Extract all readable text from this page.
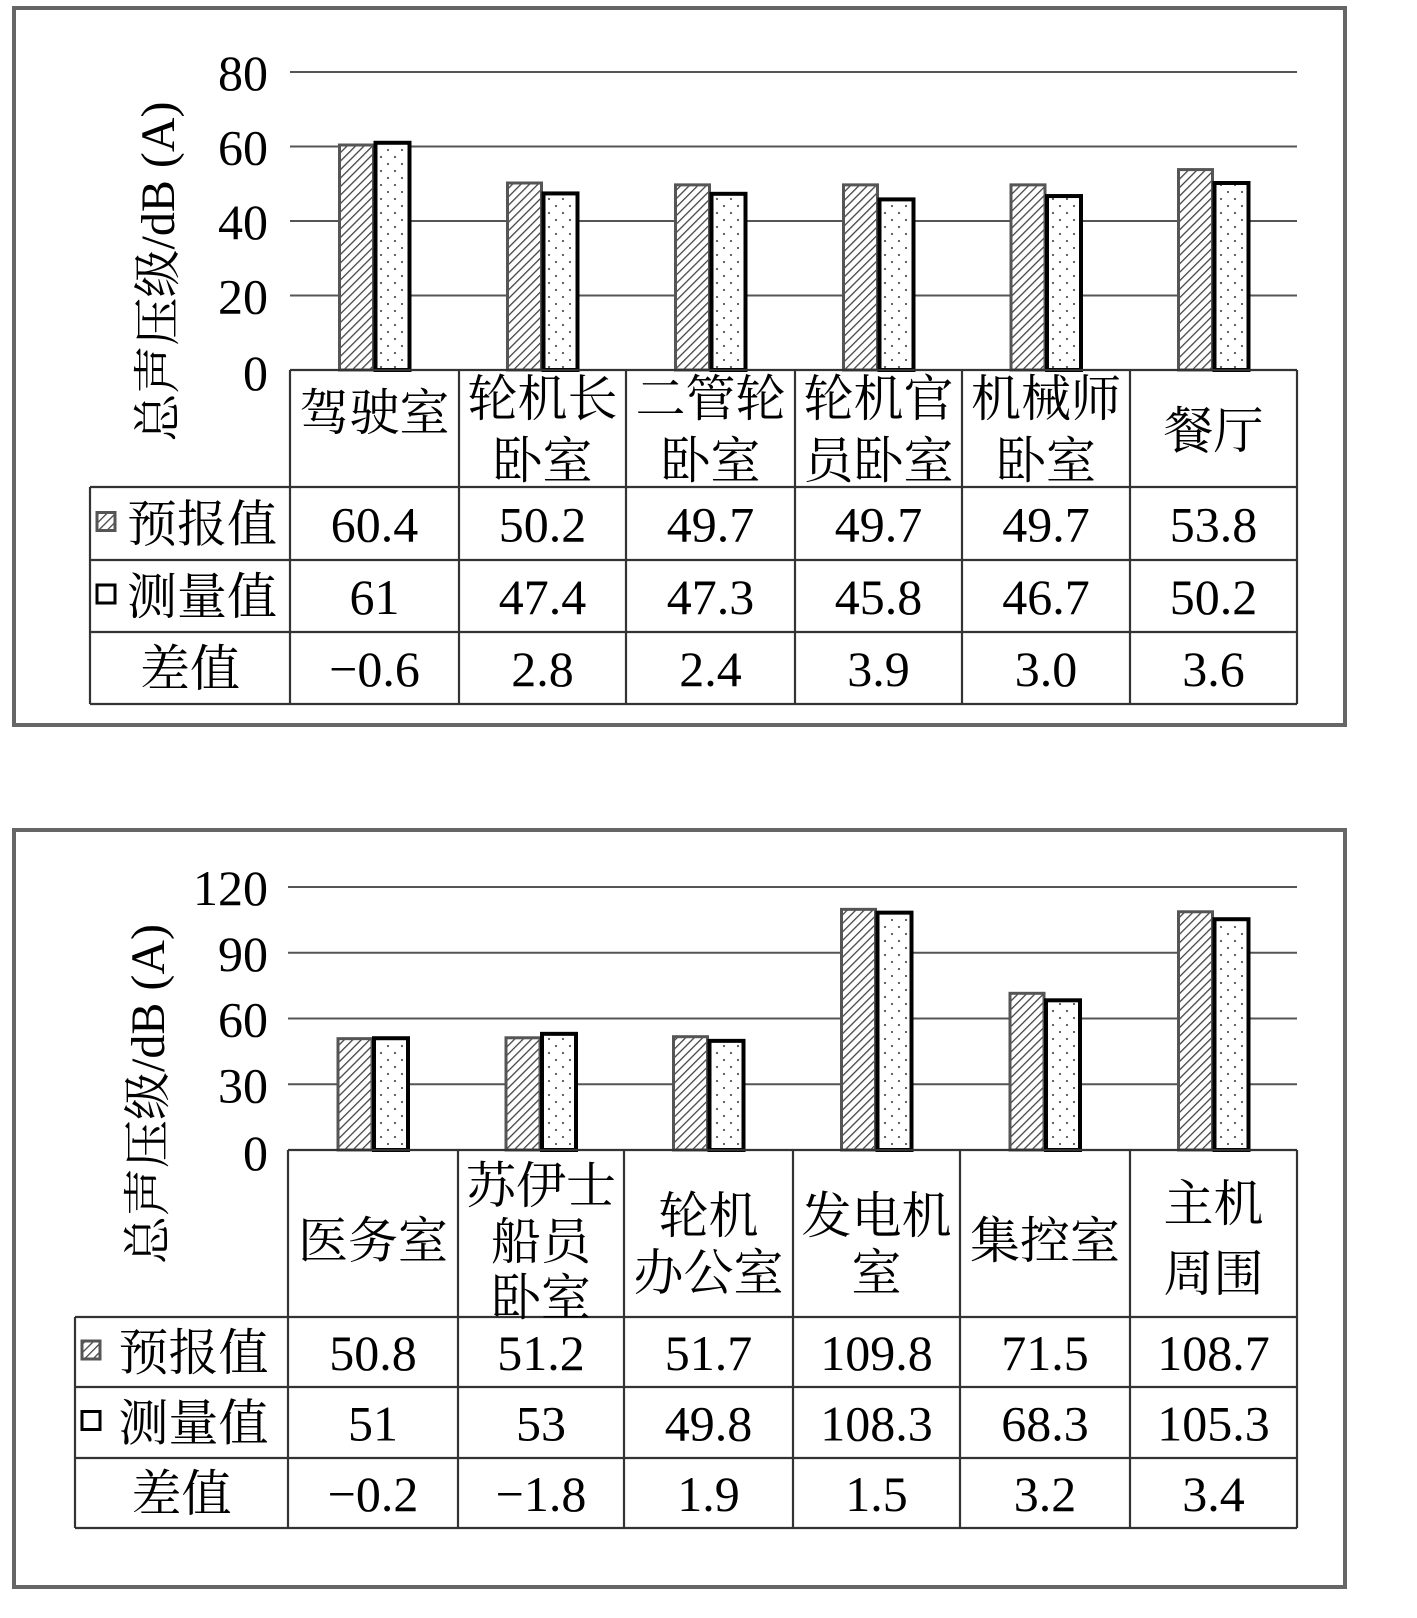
0
20
40
60
80
总声压级/dB (A) 驾驶室 轮机长
卧室
二管轮
卧室
轮机官
员卧室
机械师
卧室
餐厅
预报值 60.4 50.2 49.7 49.7 49.7 53.8
测量值 61 47.4 47.3 45.8 46.7 50.2
差值 −0.6 2.8 2.4 3.9 3.0 3.6
0
30
60
90
120
总声压级/dB (A) 医务室
苏伊士
船员
卧室
轮机
办公室
发电机
室
集控室
主机
周围
预报值 50.8 51.2 51.7 109.8 71.5 108.7
测量值 51 53 49.8 108.3 68.3 105.3
差值 −0.2 −1.8 1.9 1.5 3.2 3.4
